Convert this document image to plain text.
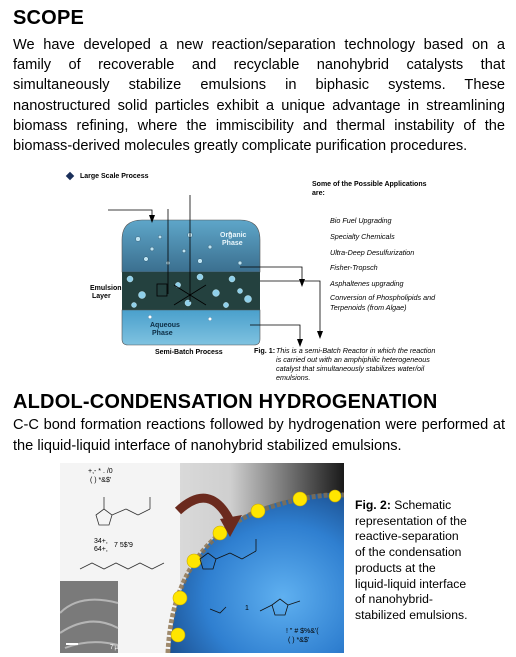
SCOPE
We have developed a new reaction/separation technology based on a family of recoverable and recyclable nanohybrid catalysts that simultaneously stabilize emulsions in biphasic systems. These nanostructured solid particles exhibit a unique advantage in streamlining biomass refining, where the immiscibility and thermal instability of the biomass-derived molecules greatly complicate purification procedures.
Large Scale Process
Organic
Phase
Emulsion
Layer
Aqueous
Phase
Semi-Batch Process
Some of the Possible Applications
are:
Bio Fuel Upgrading
Specialty Chemicals
Ultra-Deep Desulfurization
Fisher-Tropsch
Asphaltenes upgrading
Conversion of Phospholipids and
Terpenoids (from Algae)
Fig. 1: This is a semi-Batch Reactor in which the reaction
is carried out with an amphiphilic heterogeneous
catalyst that simultaneously stabilizes water/oil
emulsions.
ALDOL-CONDENSATION HYDROGENATION
C-C bond formation reactions followed by hydrogenation were performed at the liquid-liquid interface of nanohybrid stabilized emulsions.
+,- * . /0
( ) *&$'
34+,
64+,
7 5$'9
1
! " # $%&'(
( ) *&$'
7'µ
Fig. 2: Schematic
representation of the
reactive-separation
of the condensation
products at the
liquid-liquid interface
of nanohybrid-
stabilized emulsions.
